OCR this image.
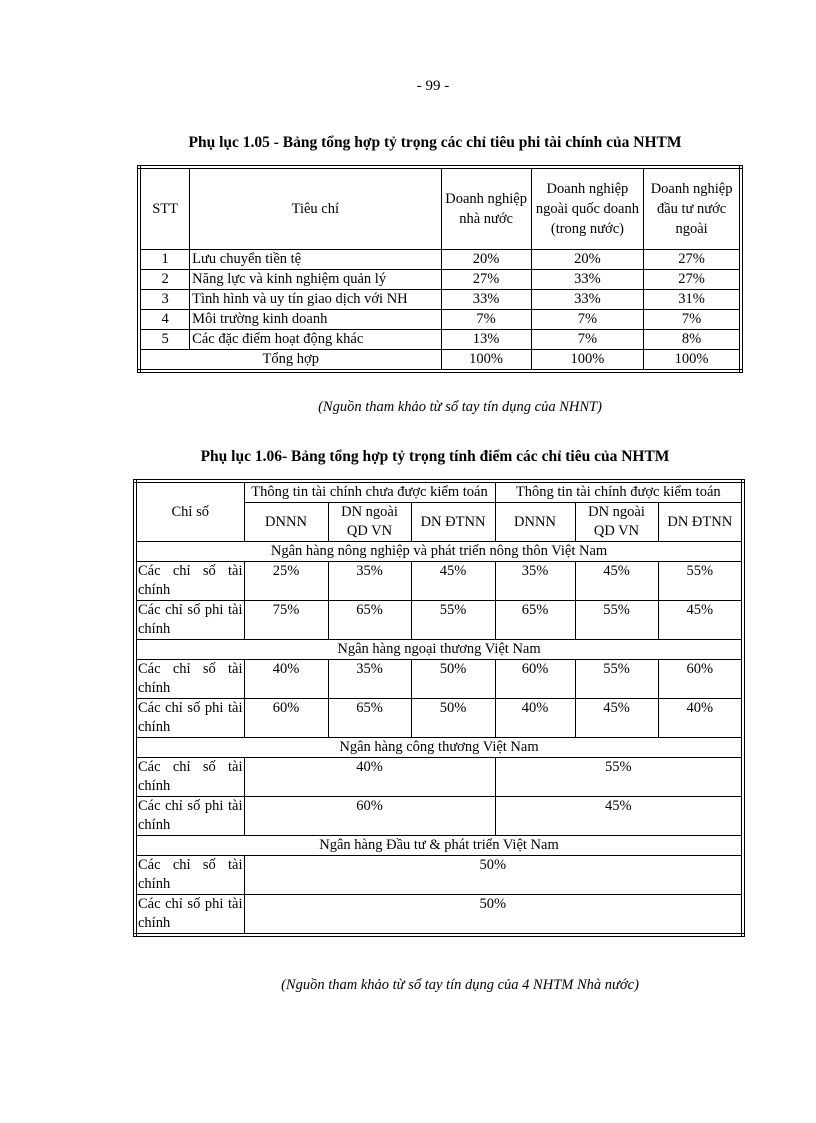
- 99 -
Phụ lục 1.05 - Bảng tổng hợp tỷ trọng các chỉ tiêu phi tài chính của NHTM
STT	Tiêu chí	Doanh nghiệp nhà nước	Doanh nghiệp ngoài quốc doanh (trong nước)	Doanh nghiệp đầu tư nước ngoài
1	Lưu chuyển tiền tệ	20%	20%	27%
2	Năng lực và kinh nghiệm quản lý	27%	33%	27%
3	Tình hình và uy tín giao dịch với NH	33%	33%	31%
4	Môi trường kinh doanh	7%	7%	7%
5	Các đặc điểm hoạt động khác	13%	7%	8%
Tổng hợp		100%	100%	100%
(Nguồn tham khảo từ sổ tay tín dụng của NHNT)
Phụ lục 1.06- Bảng tổng hợp tỷ trọng tính điểm các chỉ tiêu của NHTM
Chỉ số	Thông tin tài chính chưa được kiểm toán			Thông tin tài chính được kiểm toán		
	DNNN	DN ngoài QD VN	DN ĐTNN	DNNN	DN ngoài QD VN	DN ĐTNN
Ngân hàng nông nghiệp và phát triển nông thôn Việt Nam						
Các chỉ số tài chính	25%	35%	45%	35%	45%	55%
Các chỉ số phi tài chính	75%	65%	55%	65%	55%	45%
Ngân hàng ngoại thương Việt Nam						
Các chỉ số tài chính	40%	35%	50%	60%	55%	60%
Các chỉ số phi tài chính	60%	65%	50%	40%	45%	40%
Ngân hàng công thương Việt Nam						
Các chỉ số tài chính	40%			55%		
Các chỉ số phi tài chính	60%			45%		
Ngân hàng Đầu tư & phát triển Việt Nam						
Các chỉ số tài chính	50%					
Các chỉ số phi tài chính	50%					
(Nguồn tham khảo từ sổ tay tín dụng của 4 NHTM Nhà nước)
